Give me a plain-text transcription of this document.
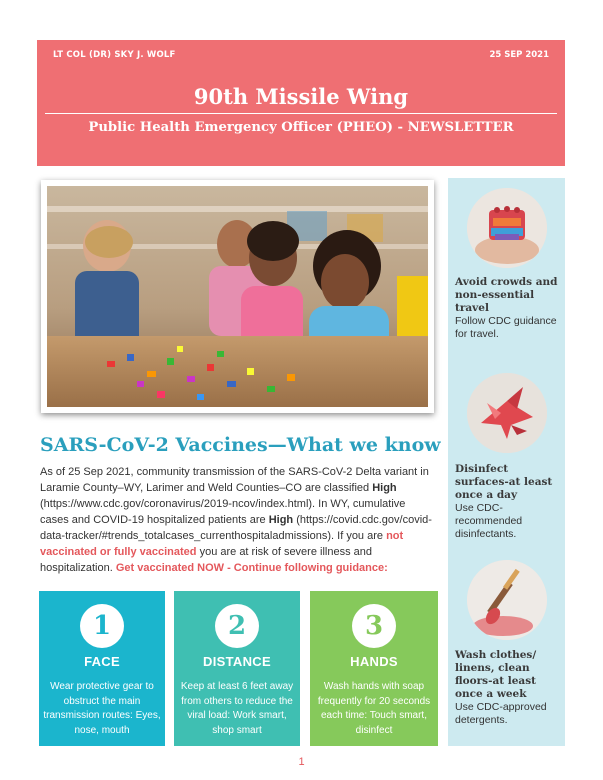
LT COL (DR) SKY J. WOLF	25 SEP 2021
90th Missile Wing
Public Health Emergency Officer (PHEO) - NEWSLETTER
SARS-CoV-2 Vaccines—What we know
As of 25 Sep 2021, community transmission of the SARS-CoV-2 Delta variant in Laramie County–WY, Larimer and Weld Counties–CO are classified High (https://www.cdc.gov/coronavirus/2019-ncov/index.html). In WY, cumulative cases and COVID-19 hospitalized patients are High (https://covid.cdc.gov/covid-data-tracker/#trends_totalcases_currenthospitaladmissions). If you are not vaccinated or fully vaccinated you are at risk of severe illness and hospitalization. Get vaccinated NOW - Continue following guidance:
1
FACE
Wear protective gear to obstruct the main transmission routes: Eyes, nose, mouth
2
DISTANCE
Keep at least 6 feet away from others to reduce the viral load: Work smart, shop smart
3
HANDS
Wash hands with soap frequently for 20 seconds each time: Touch smart, disinfect
Avoid crowds and non-essential travel
Follow CDC guidance for travel.
Disinfect surfaces-at least once a day
Use CDC-recommended disinfectants.
Wash clothes/ linens, clean floors-at least once a week
Use CDC-approved detergents.
1
